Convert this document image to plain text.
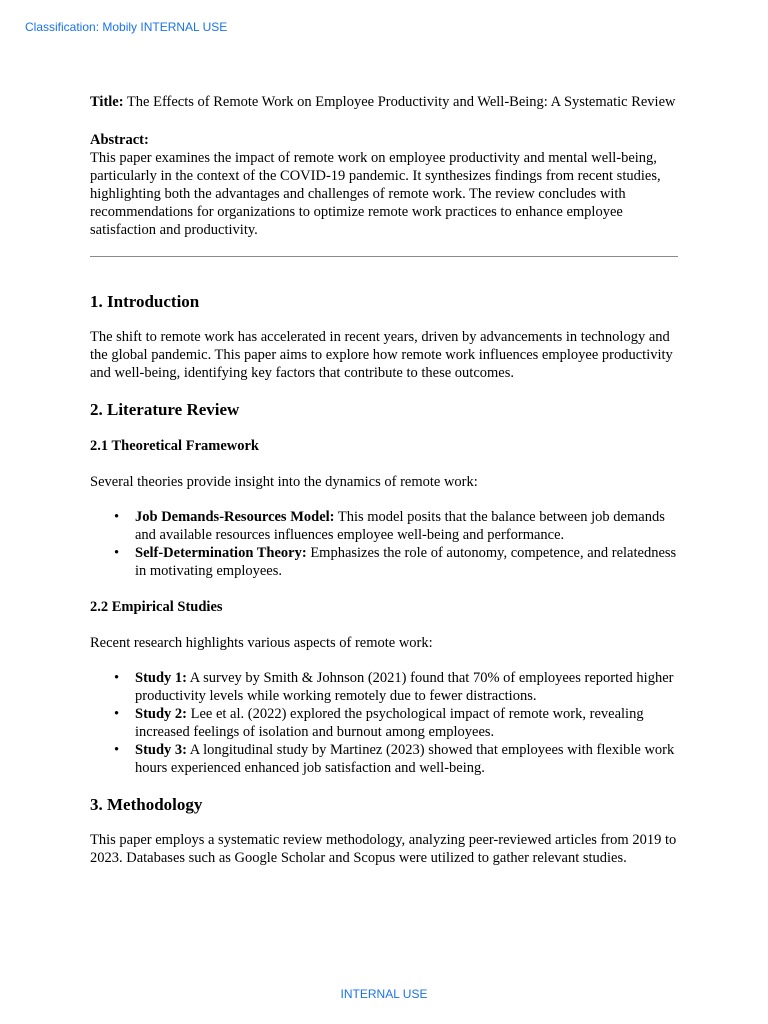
Classification: Mobily INTERNAL USE

Title: The Effects of Remote Work on Employee Productivity and Well-Being: A Systematic Review

Abstract:

This paper examines the impact of remote work on employee productivity and mental well-being, particularly in the context of the COVID-19 pandemic. It synthesizes findings from recent studies, highlighting both the advantages and challenges of remote work. The review concludes with recommendations for organizations to optimize remote work practices to enhance employee satisfaction and productivity.

1. Introduction

The shift to remote work has accelerated in recent years, driven by advancements in technology and the global pandemic. This paper aims to explore how remote work influences employee productivity and well-being, identifying key factors that contribute to these outcomes.

2. Literature Review
2.1 Theoretical Framework

Several theories provide insight into the dynamics of remote work:

• Job Demands-Resources Model: This model posits that the balance between job demands and available resources influences employee well-being and performance.
• Self-Determination Theory: Emphasizes the role of autonomy, competence, and relatedness in motivating employees.
2.2 Empirical Studies

Recent research highlights various aspects of remote work:

• Study 1: A survey by Smith & Johnson (2021) found that 70% of employees reported higher productivity levels while working remotely due to fewer distractions.
• Study 2: Lee et al. (2022) explored the psychological impact of remote work, revealing increased feelings of isolation and burnout among employees.
• Study 3: A longitudinal study by Martinez (2023) showed that employees with flexible work hours experienced enhanced job satisfaction and well-being.
3. Methodology

This paper employs a systematic review methodology, analyzing peer-reviewed articles from 2019 to 2023. Databases such as Google Scholar and Scopus were utilized to gather relevant studies.

INTERNAL USE
